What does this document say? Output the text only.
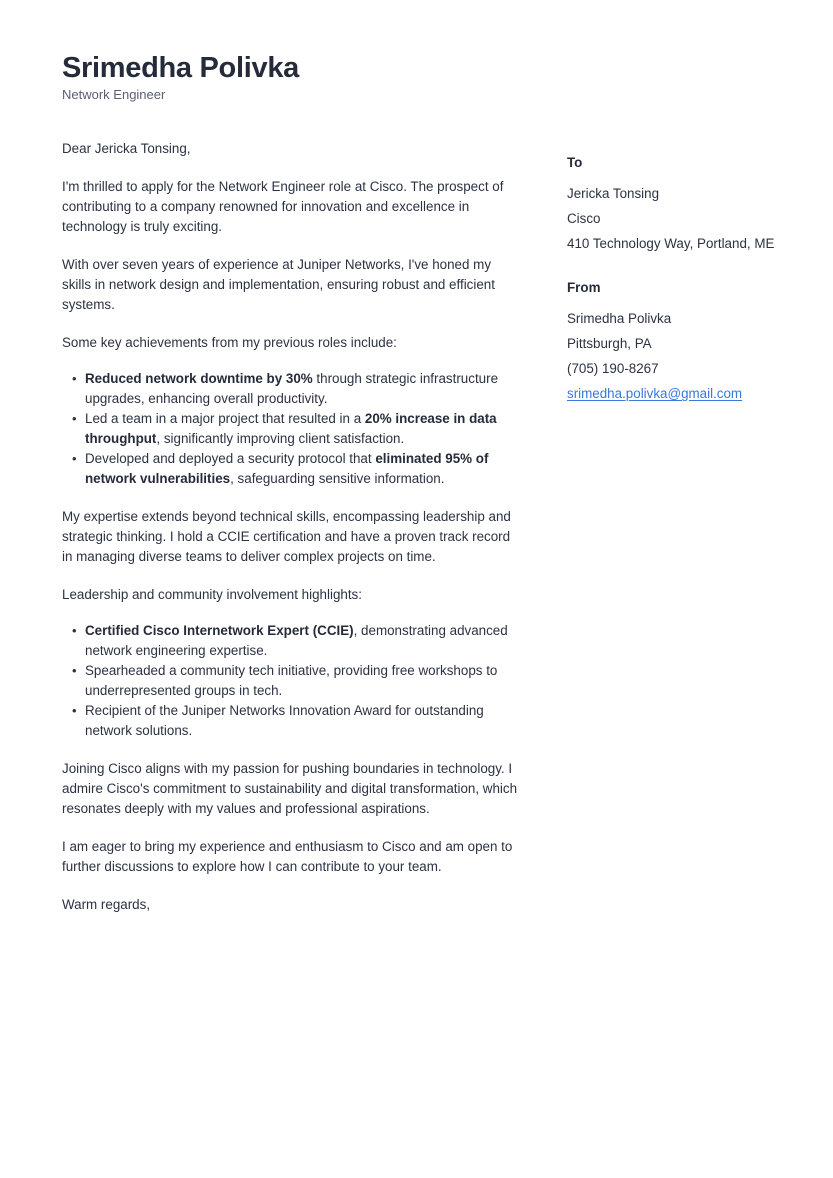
Srimedha Polivka
Network Engineer

Dear Jericka Tonsing,

I'm thrilled to apply for the Network Engineer role at Cisco. The prospect of contributing to a company renowned for innovation and excellence in technology is truly exciting.

With over seven years of experience at Juniper Networks, I've honed my skills in network design and implementation, ensuring robust and efficient systems.

Some key achievements from my previous roles include:

• Reduced network downtime by 30% through strategic infrastructure upgrades, enhancing overall productivity.
• Led a team in a major project that resulted in a 20% increase in data throughput, significantly improving client satisfaction.
• Developed and deployed a security protocol that eliminated 95% of network vulnerabilities, safeguarding sensitive information.

My expertise extends beyond technical skills, encompassing leadership and strategic thinking. I hold a CCIE certification and have a proven track record in managing diverse teams to deliver complex projects on time.

Leadership and community involvement highlights:

• Certified Cisco Internetwork Expert (CCIE), demonstrating advanced network engineering expertise.
• Spearheaded a community tech initiative, providing free workshops to underrepresented groups in tech.
• Recipient of the Juniper Networks Innovation Award for outstanding network solutions.

Joining Cisco aligns with my passion for pushing boundaries in technology. I admire Cisco's commitment to sustainability and digital transformation, which resonates deeply with my values and professional aspirations.

I am eager to bring my experience and enthusiasm to Cisco and am open to further discussions to explore how I can contribute to your team.

Warm regards,

To
Jericka Tonsing
Cisco
410 Technology Way, Portland, ME
From
Srimedha Polivka
Pittsburgh, PA
(705) 190-8267
srimedha.polivka@gmail.com
